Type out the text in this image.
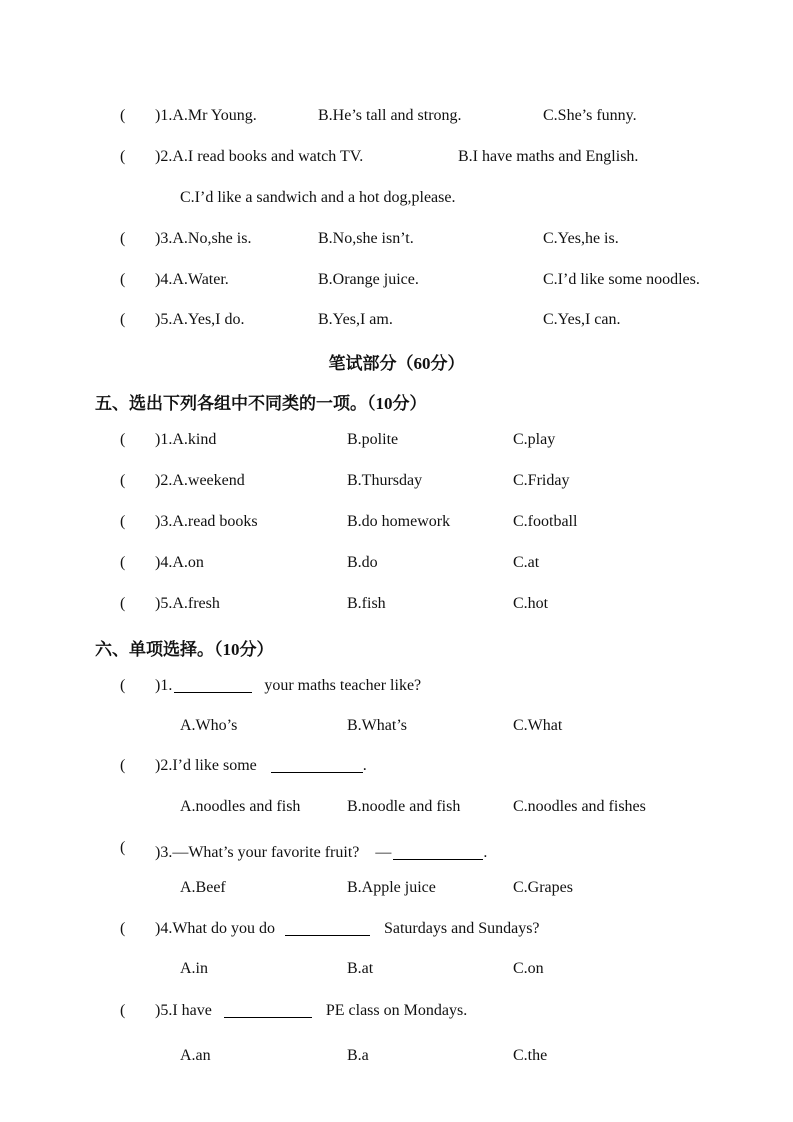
( )1.A.Mr Young.	B.He’s tall and strong.	C.She’s funny.
( )2.A.I read books and watch TV.	B.I have maths and English.
C.I’d like a sandwich and a hot dog,please.
( )3.A.No,she is.	B.No,she isn’t.	C.Yes,he is.
( )4.A.Water.	B.Orange juice.	C.I’d like some noodles.
( )5.A.Yes,I do.	B.Yes,I am.	C.Yes,I can.
笔试部分（60分）
五、选出下列各组中不同类的一项。（10分）
( )1.A.kind	B.polite	C.play
( )2.A.weekend	B.Thursday	C.Friday
( )3.A.read books	B.do homework	C.football
( )4.A.on	B.do	C.at
( )5.A.fresh	B.fish	C.hot
六、单项选择。（10分）
( )1.	your maths teacher like?
A.Who’s	B.What’s	C.What
( )2.I’d like some	.
A.noodles and fish	B.noodle and fish	C.noodles and fishes
( )3.—What’s your favorite fruit?　—	.
A.Beef	B.Apple juice	C.Grapes
( )4.What do you do	Saturdays and Sundays?
A.in	B.at	C.on
( )5.I have	PE class on Mondays.
A.an	B.a	C.the
